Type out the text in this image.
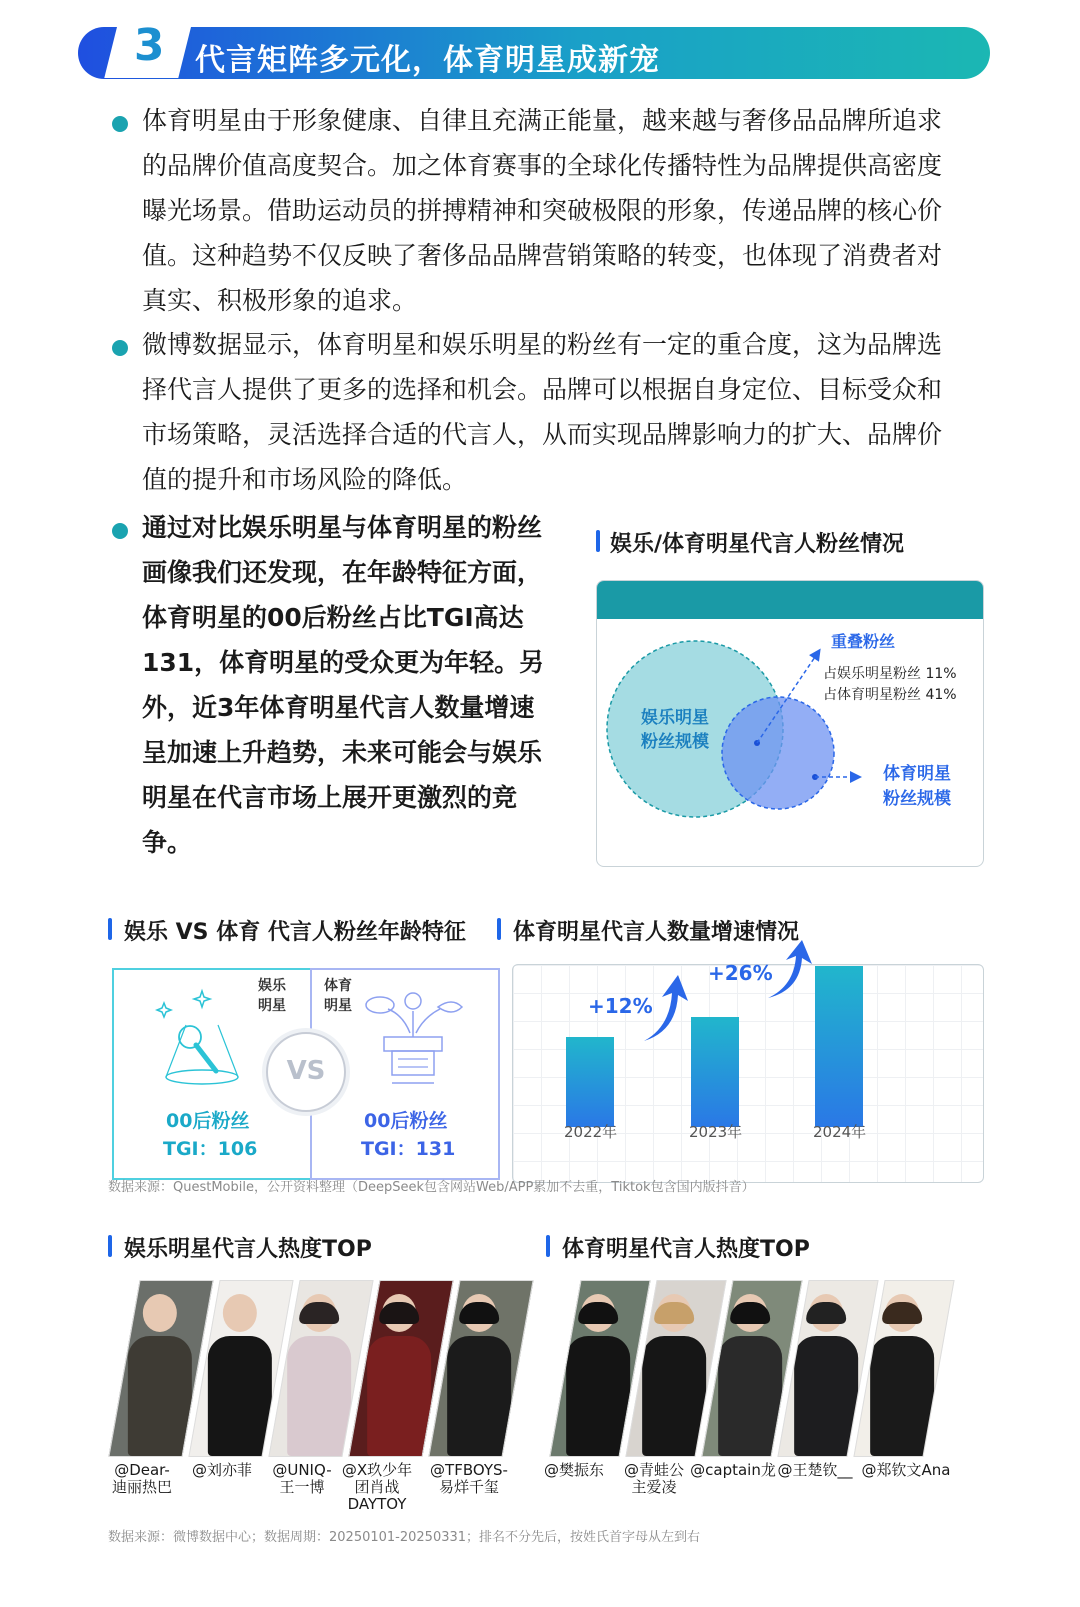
3	代言矩阵多元化，体育明星成新宠
体育明星由于形象健康、自律且充满正能量，越来越与奢侈品品牌所追求的品牌价值高度契合。加之体育赛事的全球化传播特性为品牌提供高密度曝光场景。借助运动员的拼搏精神和突破极限的形象，传递品牌的核心价值。这种趋势不仅反映了奢侈品品牌营销策略的转变，也体现了消费者对真实、积极形象的追求。
微博数据显示，体育明星和娱乐明星的粉丝有一定的重合度，这为品牌选择代言人提供了更多的选择和机会。品牌可以根据自身定位、目标受众和市场策略，灵活选择合适的代言人，从而实现品牌影响力的扩大、品牌价值的提升和市场风险的降低。
通过对比娱乐明星与体育明星的粉丝画像我们还发现，在年龄特征方面，体育明星的00后粉丝占比TGI高达131，体育明星的受众更为年轻。另外，近3年体育明星代言人数量增速呈加速上升趋势，未来可能会与娱乐明星在代言市场上展开更激烈的竞争。
娱乐/体育明星代言人粉丝情况
重叠粉丝
占娱乐明星粉丝 11%
占体育明星粉丝 41%
娱乐明星
粉丝规模
体育明星
粉丝规模
娱乐 VS 体育 代言人粉丝年龄特征
娱乐
明星
体育
明星
VS
00后粉丝
TGI：106
00后粉丝
TGI：131
体育明星代言人数量增速情况
+12%
+26%
2022年	2023年	2024年
数据来源：QuestMobile，公开资料整理（DeepSeek包含网站Web/APP累加不去重，Tiktok包含国内版抖音）
娱乐明星代言人热度TOP
@Dear-
迪丽热巴
@刘亦菲	@UNIQ-
王一博
@X玖少年
团肖战
DAYTOY
@TFBOYS-
易烊千玺
体育明星代言人热度TOP
@樊振东	@青蛙公
主爱凌
@captain龙 @王楚钦__ @郑钦文Ana
数据来源：微博数据中心；数据周期：20250101-20250331；排名不分先后，按姓氏首字母从左到右
